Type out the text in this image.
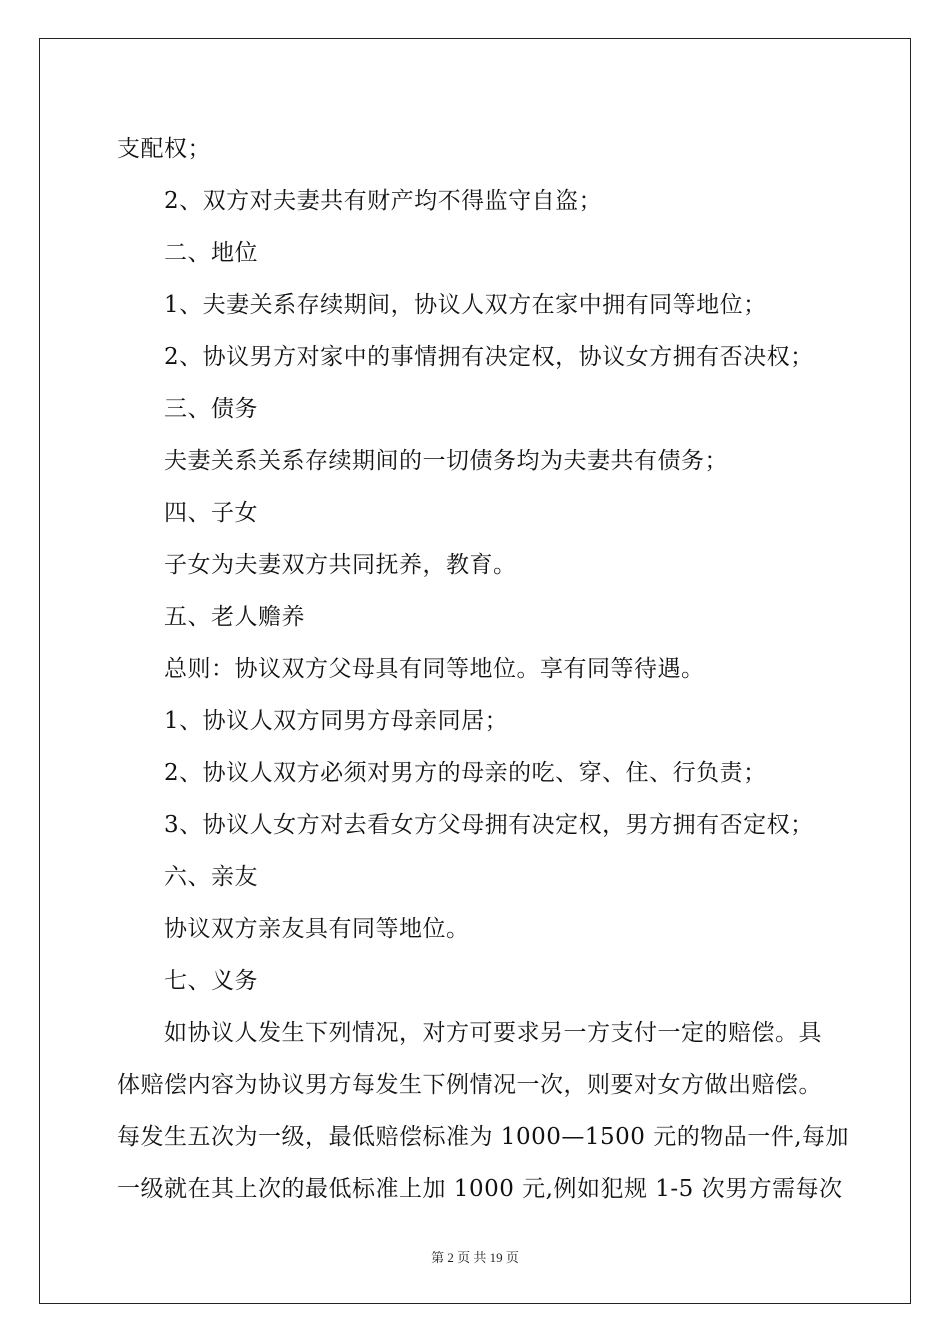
支配权；
2、双方对夫妻共有财产均不得监守自盗；
二、地位
1、夫妻关系存续期间，协议人双方在家中拥有同等地位；
2、协议男方对家中的事情拥有决定权，协议女方拥有否决权；
三、债务
夫妻关系关系存续期间的一切债务均为夫妻共有债务；
四、子女
子女为夫妻双方共同抚养，教育。
五、老人赡养
总则：协议双方父母具有同等地位。享有同等待遇。
1、协议人双方同男方母亲同居；
2、协议人双方必须对男方的母亲的吃、穿、住、行负责；
3、协议人女方对去看女方父母拥有决定权，男方拥有否定权；
六、亲友
协议双方亲友具有同等地位。
七、义务
如协议人发生下列情况，对方可要求另一方支付一定的赔偿。具
体赔偿内容为协议男方每发生下例情况一次，则要对女方做出赔偿。
每发生五次为一级，最低赔偿标准为 1000—1500 元的物品一件,每加
一级就在其上次的最低标准上加 1000 元,例如犯规 1-5 次男方需每次
第 2 页 共 19 页
